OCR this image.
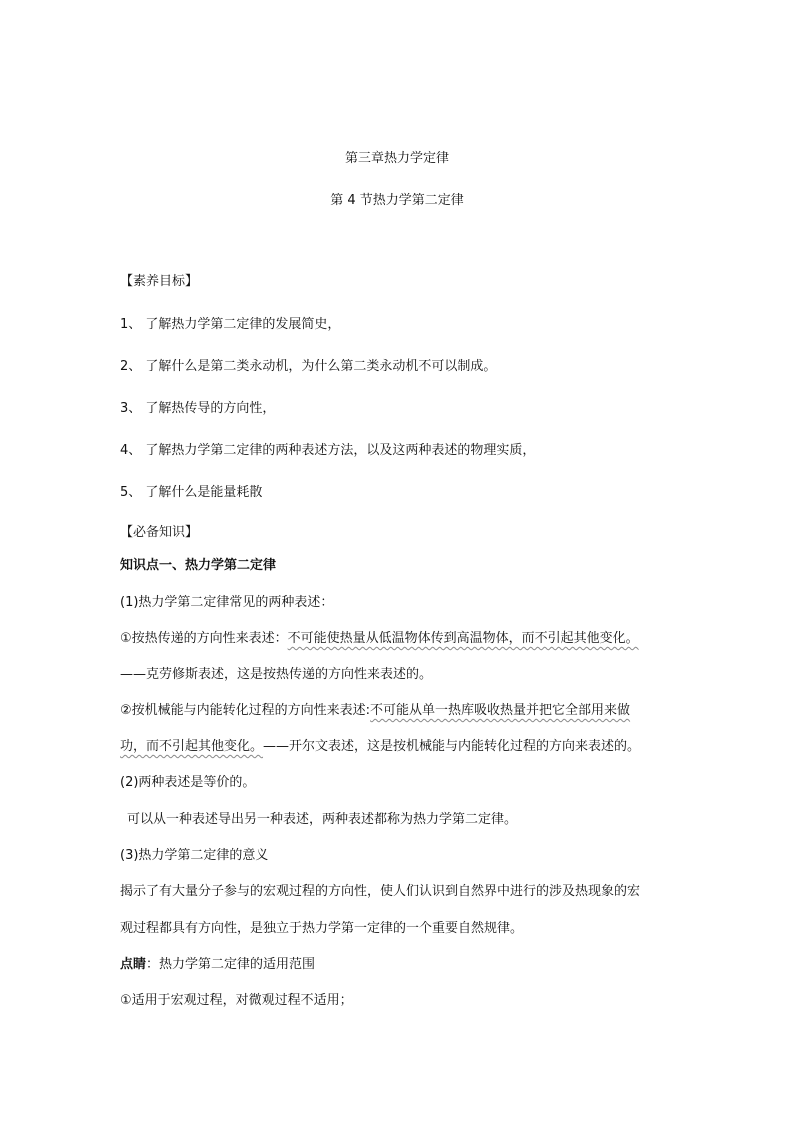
第三章热力学定律
第 4 节热力学第二定律
【素养目标】
1、 了解热力学第二定律的发展简史，
2、 了解什么是第二类永动机，为什么第二类永动机不可以制成。
3、 了解热传导的方向性，
4、 了解热力学第二定律的两种表述方法，以及这两种表述的物理实质，
5、 了解什么是能量耗散
【必备知识】
知识点一、热力学第二定律
(1)热力学第二定律常见的两种表述：
①按热传递的方向性来表述：不可能使热量从低温物体传到高温物体，而不引起其他变化。
——克劳修斯表述，这是按热传递的方向性来表述的。
②按机械能与内能转化过程的方向性来表述:不可能从单一热库吸收热量并把它全部用来做
功，而不引起其他变化。——开尔文表述，这是按机械能与内能转化过程的方向来表述的。
(2)两种表述是等价的。
可以从一种表述导出另一种表述，两种表述都称为热力学第二定律。
(3)热力学第二定律的意义
揭示了有大量分子参与的宏观过程的方向性，使人们认识到自然界中进行的涉及热现象的宏
观过程都具有方向性，是独立于热力学第一定律的一个重要自然规律。
点睛：热力学第二定律的适用范围
①适用于宏观过程，对微观过程不适用；
